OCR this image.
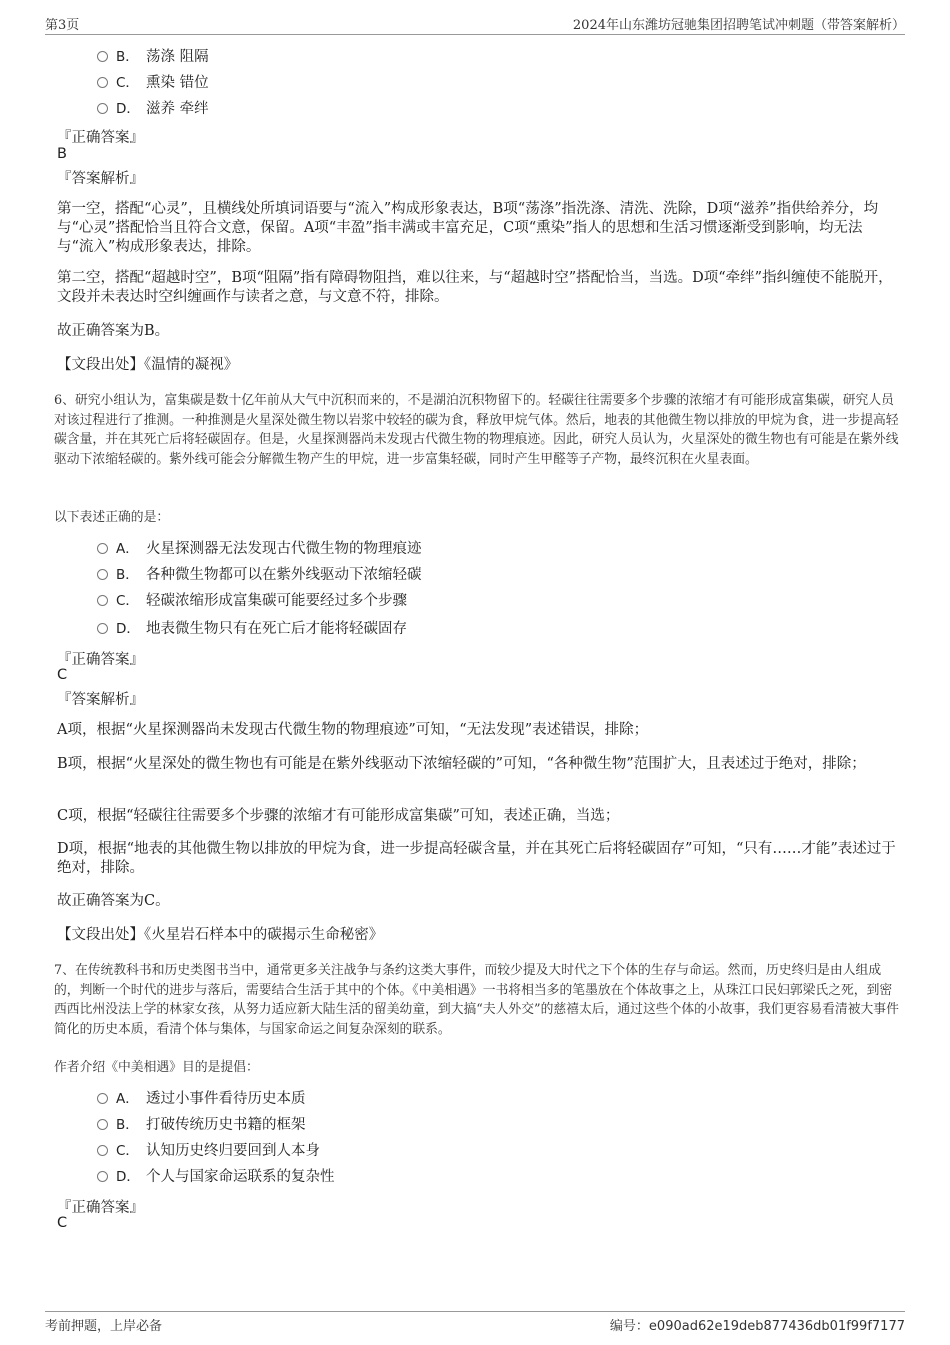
第3页	2024年山东潍坊冠驰集团招聘笔试冲刺题（带答案解析）
B． 荡涤 阻隔
C． 熏染 错位
D． 滋养 牵绊
『正确答案』
B
『答案解析』
第一空，搭配“心灵”，且横线处所填词语要与“流入”构成形象表达，B项“荡涤”指洗涤、清洗、洗除，D项“滋养”指供给养分，均与“心灵”搭配恰当且符合文意，保留。A项“丰盈”指丰满或丰富充足，C项“熏染”指人的思想和生活习惯逐渐受到影响，均无法与“流入”构成形象表达，排除。
第二空，搭配“超越时空”，B项“阻隔”指有障碍物阻挡，难以往来，与“超越时空”搭配恰当，当选。D项“牵绊”指纠缠使不能脱开，文段并未表达时空纠缠画作与读者之意，与文意不符，排除。
故正确答案为B。
【文段出处】《温情的凝视》
6、研究小组认为，富集碳是数十亿年前从大气中沉积而来的，不是湖泊沉积物留下的。轻碳往往需要多个步骤的浓缩才有可能形成富集碳，研究人员对该过程进行了推测。一种推测是火星深处微生物以岩浆中较轻的碳为食，释放甲烷气体。然后，地表的其他微生物以排放的甲烷为食，进一步提高轻碳含量，并在其死亡后将轻碳固存。但是，火星探测器尚未发现古代微生物的物理痕迹。因此，研究人员认为，火星深处的微生物也有可能是在紫外线驱动下浓缩轻碳的。紫外线可能会分解微生物产生的甲烷，进一步富集轻碳，同时产生甲醛等子产物，最终沉积在火星表面。
以下表述正确的是：
A． 火星探测器无法发现古代微生物的物理痕迹
B． 各种微生物都可以在紫外线驱动下浓缩轻碳
C． 轻碳浓缩形成富集碳可能要经过多个步骤
D． 地表微生物只有在死亡后才能将轻碳固存
『正确答案』
C
『答案解析』
A项，根据“火星探测器尚未发现古代微生物的物理痕迹”可知，“无法发现”表述错误，排除；
B项，根据“火星深处的微生物也有可能是在紫外线驱动下浓缩轻碳的”可知，“各种微生物”范围扩大，且表述过于绝对，排除；
C项，根据“轻碳往往需要多个步骤的浓缩才有可能形成富集碳”可知，表述正确，当选；
D项，根据“地表的其他微生物以排放的甲烷为食，进一步提高轻碳含量，并在其死亡后将轻碳固存”可知，“只有……才能”表述过于绝对，排除。
故正确答案为C。
【文段出处】《火星岩石样本中的碳揭示生命秘密》
7、在传统教科书和历史类图书当中，通常更多关注战争与条约这类大事件，而较少提及大时代之下个体的生存与命运。然而，历史终归是由人组成的，判断一个时代的进步与落后，需要结合生活于其中的个体。《中美相遇》一书将相当多的笔墨放在个体故事之上，从珠江口民妇郭梁氏之死，到密西西比州没法上学的林家女孩，从努力适应新大陆生活的留美幼童，到大搞“夫人外交”的慈禧太后，通过这些个体的小故事，我们更容易看清被大事件简化的历史本质，看清个体与集体，与国家命运之间复杂深刻的联系。
作者介绍《中美相遇》目的是提倡：
A． 透过小事件看待历史本质
B． 打破传统历史书籍的框架
C． 认知历史终归要回到人本身
D． 个人与国家命运联系的复杂性
『正确答案』
C
考前押题，上岸必备	编号：e090ad62e19deb877436db01f99f7177
